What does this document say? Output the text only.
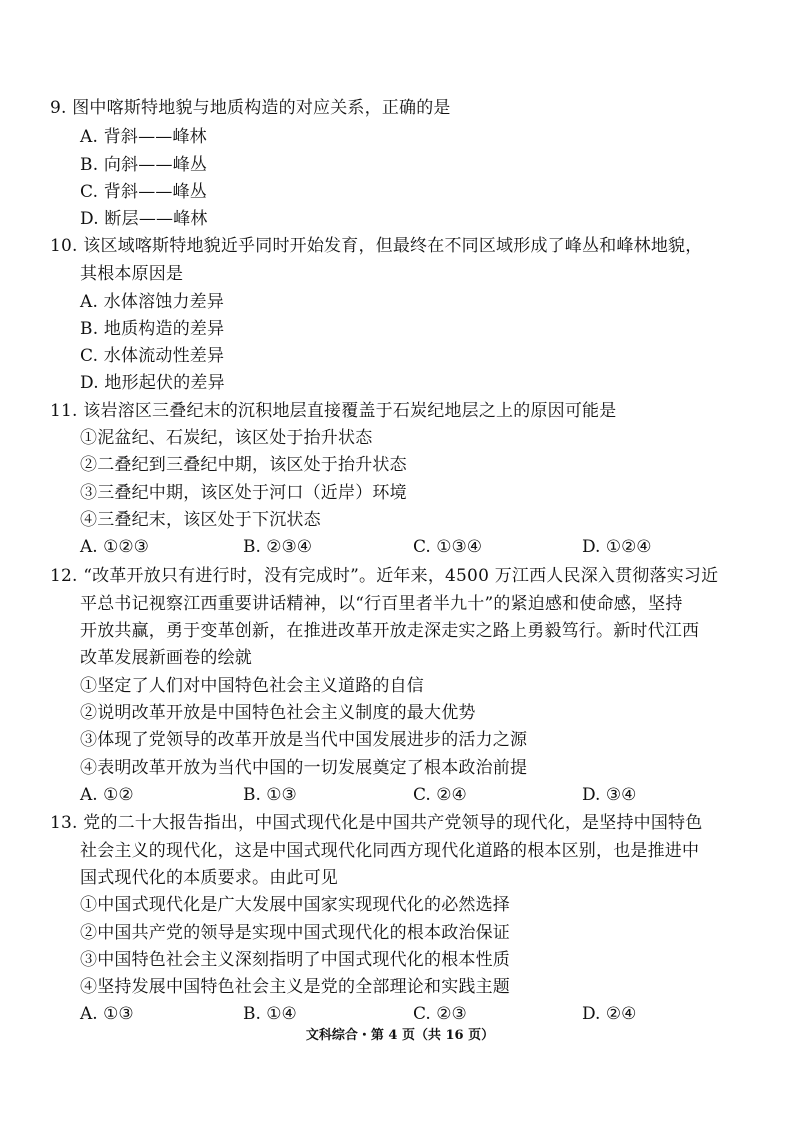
9. 图中喀斯特地貌与地质构造的对应关系，正确的是
A. 背斜——峰林
B. 向斜——峰丛
C. 背斜——峰丛
D. 断层——峰林
10. 该区域喀斯特地貌近乎同时开始发育，但最终在不同区域形成了峰丛和峰林地貌，
其根本原因是
A. 水体溶蚀力差异
B. 地质构造的差异
C. 水体流动性差异
D. 地形起伏的差异
11. 该岩溶区三叠纪末的沉积地层直接覆盖于石炭纪地层之上的原因可能是
①泥盆纪、石炭纪，该区处于抬升状态
②二叠纪到三叠纪中期，该区处于抬升状态
③三叠纪中期，该区处于河口（近岸）环境
④三叠纪末，该区处于下沉状态
A. ①②③	B. ②③④	C. ①③④	D. ①②④
12. “改革开放只有进行时，没有完成时”。近年来，4500 万江西人民深入贯彻落实习近
平总书记视察江西重要讲话精神，以“行百里者半九十”的紧迫感和使命感，坚持
开放共赢，勇于变革创新，在推进改革开放走深走实之路上勇毅笃行。新时代江西
改革发展新画卷的绘就
①坚定了人们对中国特色社会主义道路的自信
②说明改革开放是中国特色社会主义制度的最大优势
③体现了党领导的改革开放是当代中国发展进步的活力之源
④表明改革开放为当代中国的一切发展奠定了根本政治前提
A. ①②	B. ①③	C. ②④	D. ③④
13. 党的二十大报告指出，中国式现代化是中国共产党领导的现代化，是坚持中国特色
社会主义的现代化，这是中国式现代化同西方现代化道路的根本区别，也是推进中
国式现代化的本质要求。由此可见
①中国式现代化是广大发展中国家实现现代化的必然选择
②中国共产党的领导是实现中国式现代化的根本政治保证
③中国特色社会主义深刻指明了中国式现代化的根本性质
④坚持发展中国特色社会主义是党的全部理论和实践主题
A. ①③	B. ①④	C. ②③	D. ②④
文科综合・第 4 页（共 16 页）
